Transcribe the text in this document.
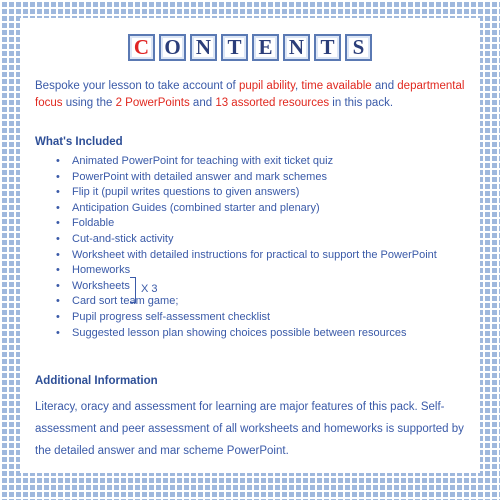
C O N T E N T S
Bespoke your lesson to take account of pupil ability, time available and departmental focus using the 2 PowerPoints and 13 assorted resources in this pack.
What's Included
• Animated PowerPoint for teaching with exit ticket quiz
• PowerPoint with detailed answer and mark schemes
• Flip it (pupil writes questions to given answers)
• Anticipation Guides (combined starter and plenary)
• Foldable
• Cut-and-stick activity
• Worksheet with detailed instructions for practical to support the PowerPoint
• Homeworks
• Worksheets
• Card sort team game;
• Pupil progress self-assessment checklist
• Suggested lesson plan showing choices possible between resources
X 3
Additional Information
Literacy, oracy and assessment for learning are major features of this pack. Self-assessment and peer assessment of all worksheets and homeworks is supported by the detailed answer and mar scheme PowerPoint.
